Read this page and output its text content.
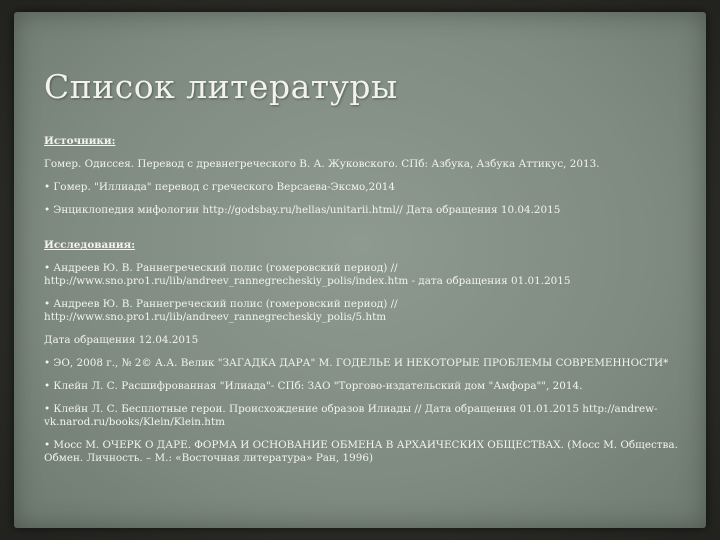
Список литературы
Источники:
Гомер. Одиссея. Перевод с древнегреческого В. А. Жуковского. СПб: Азбука, Азбука Аттикус, 2013.
• Гомер. "Иллиада" перевод с греческого Версаева-Эксмо,2014
• Энциклопедия мифологии http://godsbay.ru/hellas/unitarii.html// Дата обращения 10.04.2015
Исследования:
• Андреев Ю. В. Раннегреческий полис (гомеровский период) // http://www.sno.pro1.ru/lib/andreev_rannegrecheskiy_polis/index.htm - дата обращения 01.01.2015
• Андреев Ю. В. Раннегреческий полис (гомеровский период) // http://www.sno.pro1.ru/lib/andreev_rannegrecheskiy_polis/5.htm
Дата обращения 12.04.2015
• ЭО, 2008 г., № 2© А.А. Велик "ЗАГАДКА ДАРА" М. ГОДЕЛЬЕ И НЕКОТОРЫЕ ПРОБЛЕМЫ СОВРЕМЕННОСТИ*
• Клейн Л. С. Расшифрованная "Илиада"- СПб: ЗАО "Торгово-издательский дом "Амфора"", 2014.
• Клейн Л. С. Бесплотные герои. Происхождение образов Илиады // Дата обращения 01.01.2015 http://andrew-vk.narod.ru/books/Klein/Klein.htm
• Мосс М. ОЧЕРК О ДАРЕ. ФОРМА И ОСНОВАНИЕ ОБМЕНА В АРХАИЧЕСКИХ ОБЩЕСТВАХ. (Мосс М. Общества. Обмен. Личность. – М.: «Восточная литература» Ран, 1996)
